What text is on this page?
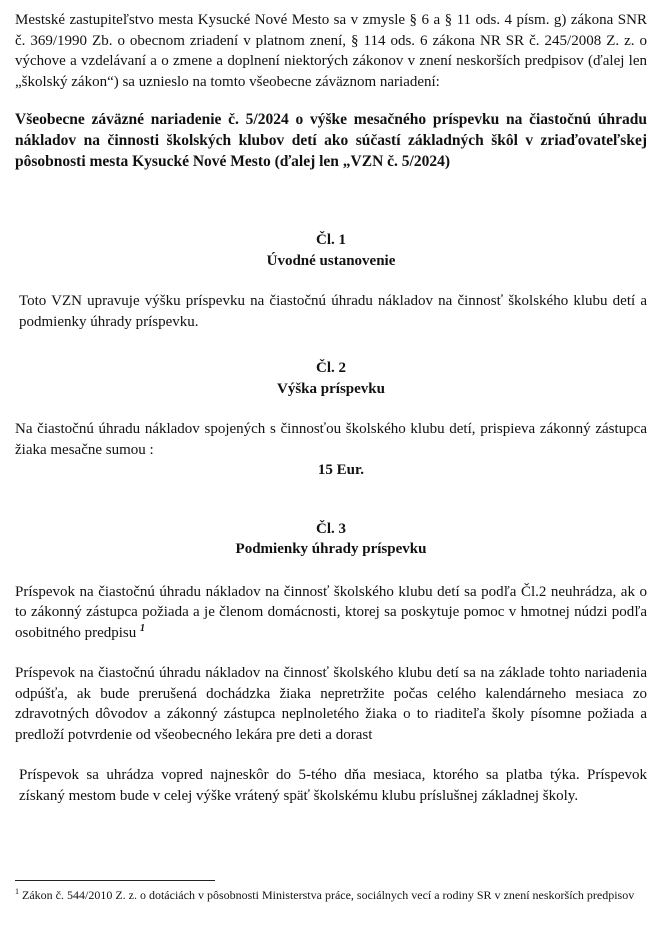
Mestské zastupiteľstvo mesta Kysucké Nové Mesto sa v zmysle § 6 a § 11 ods. 4 písm. g) zákona SNR č. 369/1990 Zb. o obecnom zriadení v platnom znení, § 114 ods. 6 zákona NR SR č. 245/2008 Z. z. o výchove a vzdelávaní a o zmene a doplnení niektorých zákonov v znení neskorších predpisov (ďalej len „školský zákon“) sa uznieslo na tomto všeobecne záväznom nariadení:

Všeobecne záväzné nariadenie č. 5/2024 o výške mesačného príspevku na čiastočnú úhradu nákladov na činnosti školských klubov detí ako súčastí základných škôl v zriaďovateľskej pôsobnosti mesta Kysucké Nové Mesto (ďalej len „VZN č. 5/2024)

Čl. 1

Úvodné ustanovenie

Toto VZN upravuje výšku príspevku na čiastočnú úhradu nákladov na činnosť školského klubu detí a podmienky úhrady príspevku.

Čl. 2

Výška príspevku

Na čiastočnú úhradu nákladov spojených s činnosťou školského klubu detí, prispieva zákonný zástupca žiaka mesačne sumou :

15 Eur.

Čl. 3

Podmienky úhrady príspevku

Príspevok na čiastočnú úhradu nákladov na činnosť školského klubu detí sa podľa Čl.2 neuhrádza, ak o to zákonný zástupca požiada a je členom domácnosti, ktorej sa poskytuje pomoc v hmotnej núdzi podľa osobitného predpisu $^1$

Príspevok na čiastočnú úhradu nákladov na činnosť školského klubu detí sa na základe tohto nariadenia odpúšťa, ak bude prerušená dochádzka žiaka nepretržite počas celého kalendárneho mesiaca zo zdravotných dôvodov a zákonný zástupca neplnoletého žiaka o to riaditeľa školy písomne požiada a predloží potvrdenie od všeobecného lekára pre deti a dorast

Príspevok sa uhrádza vopred najneskôr do 5-tého dňa mesiaca, ktorého sa platba týka. Príspevok získaný mestom bude v celej výške vrátený späť školskému klubu príslušnej základnej školy.

$^1$ Zákon č. 544/2010 Z. z. o dotáciách v pôsobnosti Ministerstva práce, sociálnych vecí a rodiny SR v znení neskorších predpisov
